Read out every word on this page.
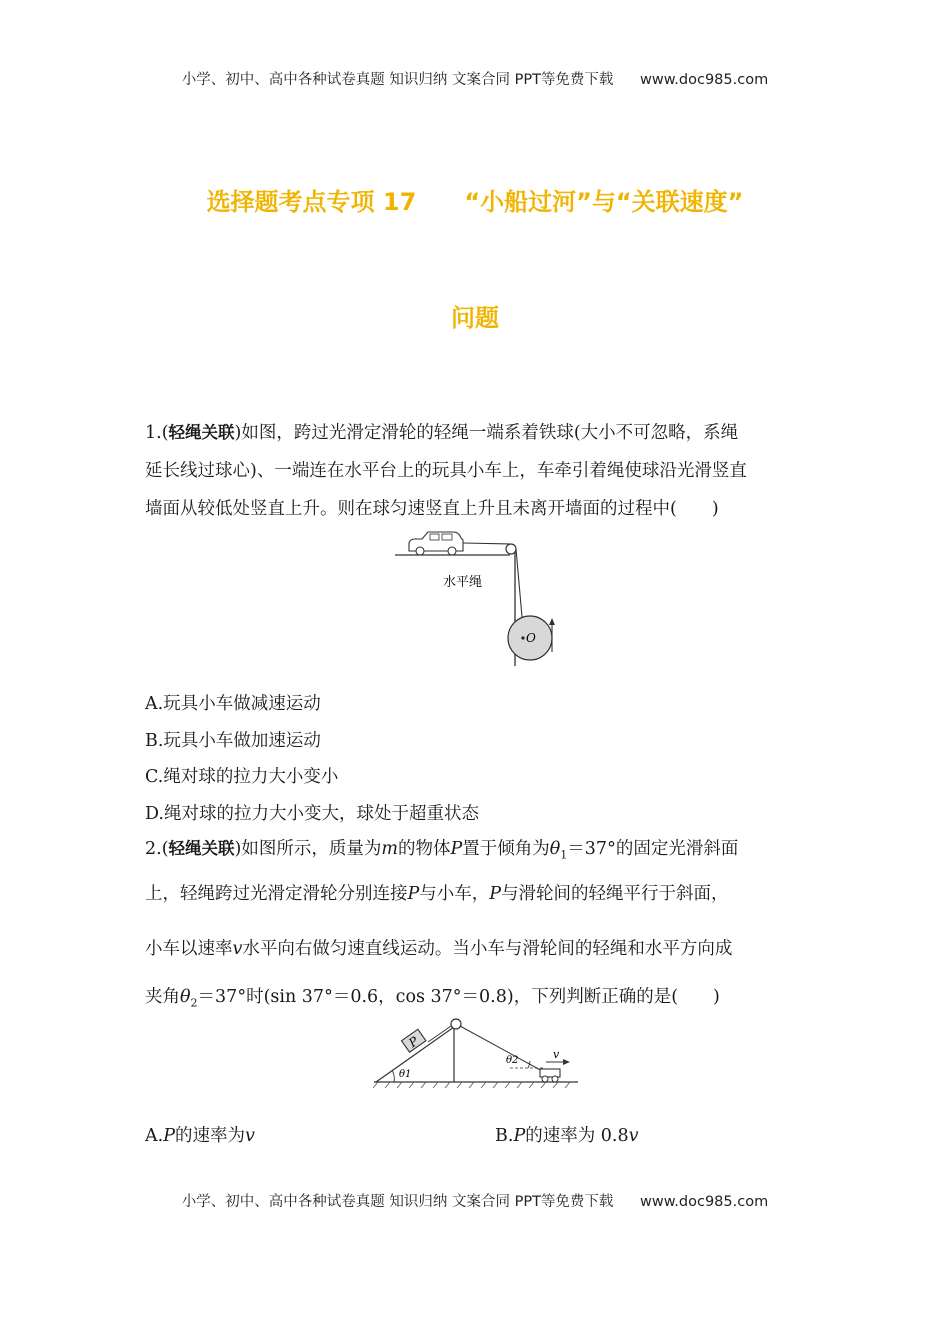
小学、初中、高中各种试卷真题 知识归纳 文案合同 PPT等免费下载 www.doc985.com
选择题考点专项 17 “小船过河”与“关联速度”
问题
1.(轻绳关联)如图，跨过光滑定滑轮的轻绳一端系着铁球(大小不可忽略，系绳
延长线过球心)、一端连在水平台上的玩具小车上，车牵引着绳使球沿光滑竖直
墙面从较低处竖直上升。则在球匀速竖直上升且未离开墙面的过程中(　　)
O
水平绳
A.玩具小车做减速运动
B.玩具小车做加速运动
C.绳对球的拉力大小变小
D.绳对球的拉力大小变大，球处于超重状态
2.(轻绳关联)如图所示，质量为m的物体P置于倾角为$\theta_1=37^\circ$的固定光滑斜面
上，轻绳跨过光滑定滑轮分别连接P与小车，P与滑轮间的轻绳平行于斜面，
小车以速率v水平向右做匀速直线运动。当小车与滑轮间的轻绳和水平方向成
夹角$\theta_2=37^\circ$时(sin 37°＝0.6，cos 37°＝0.8)，下列判断正确的是(　　)
P
θ1
θ2	v
A.P的速率为v	B.P的速率为 0.8v
小学、初中、高中各种试卷真题 知识归纳 文案合同 PPT等免费下载 www.doc985.com
